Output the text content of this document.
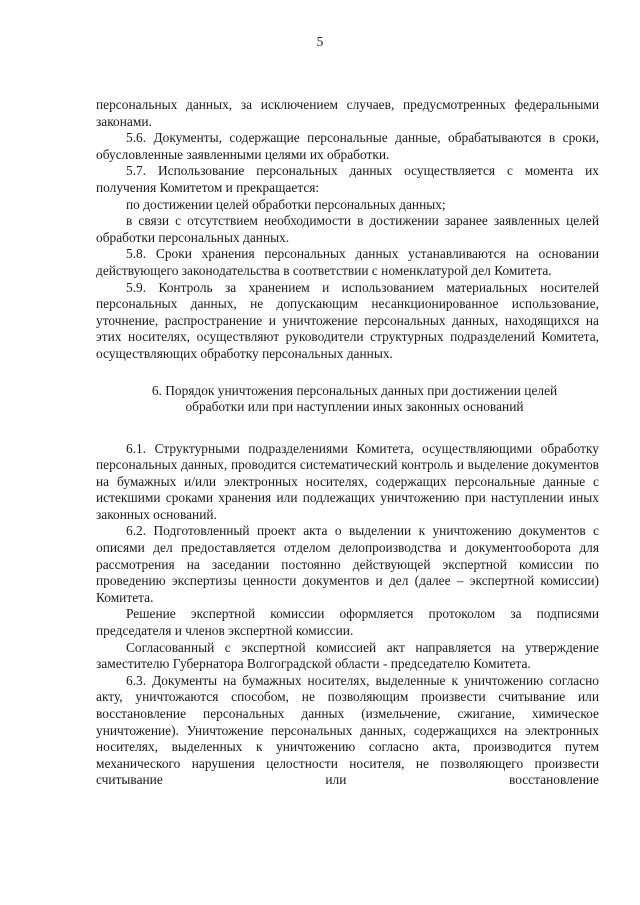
5

персональных данных, за исключением случаев, предусмотренных федеральными законами.

5.6. Документы, содержащие персональные данные, обрабатываются в сроки, обусловленные заявленными целями их обработки.

5.7. Использование персональных данных осуществляется с момента их получения Комитетом и прекращается:

по достижении целей обработки персональных данных;

в связи с отсутствием необходимости в достижении заранее заявленных целей обработки персональных данных.

5.8. Сроки хранения персональных данных устанавливаются на основании действующего законодательства в соответствии с номенклатурой дел Комитета.

5.9. Контроль за хранением и использованием материальных носителей персональных данных, не допускающим несанкционированное использование, уточнение, распространение и уничтожение персональных данных, находящихся на этих носителях, осуществляют руководители структурных подразделений Комитета, осуществляющих обработку персональных данных.

6. Порядок уничтожения персональных данных при достижении целей обработки или при наступлении иных законных оснований

6.1. Структурными подразделениями Комитета, осуществляющими обработку персональных данных, проводится систематический контроль и выделение документов на бумажных и/или электронных носителях, содержащих персональные данные с истекшими сроками хранения или подлежащих уничтожению при наступлении иных законных оснований.

6.2. Подготовленный проект акта о выделении к уничтожению документов с описями дел предоставляется отделом делопроизводства и документооборота для рассмотрения на заседании постоянно действующей экспертной комиссии по проведению экспертизы ценности документов и дел (далее – экспертной комиссии) Комитета.

Решение экспертной комиссии оформляется протоколом за подписями председателя и членов экспертной комиссии.

Согласованный с экспертной комиссией акт направляется на утверждение заместителю Губернатора Волгоградской области - председателю Комитета.

6.3. Документы на бумажных носителях, выделенные к уничтожению согласно акту, уничтожаются способом, не позволяющим произвести считывание или восстановление персональных данных (измельчение, сжигание, химическое уничтожение). Уничтожение персональных данных, содержащихся на электронных носителях, выделенных к уничтожению согласно акта, производится путем механического нарушения целостности носителя, не позволяющего произвести считывание или восстановление
